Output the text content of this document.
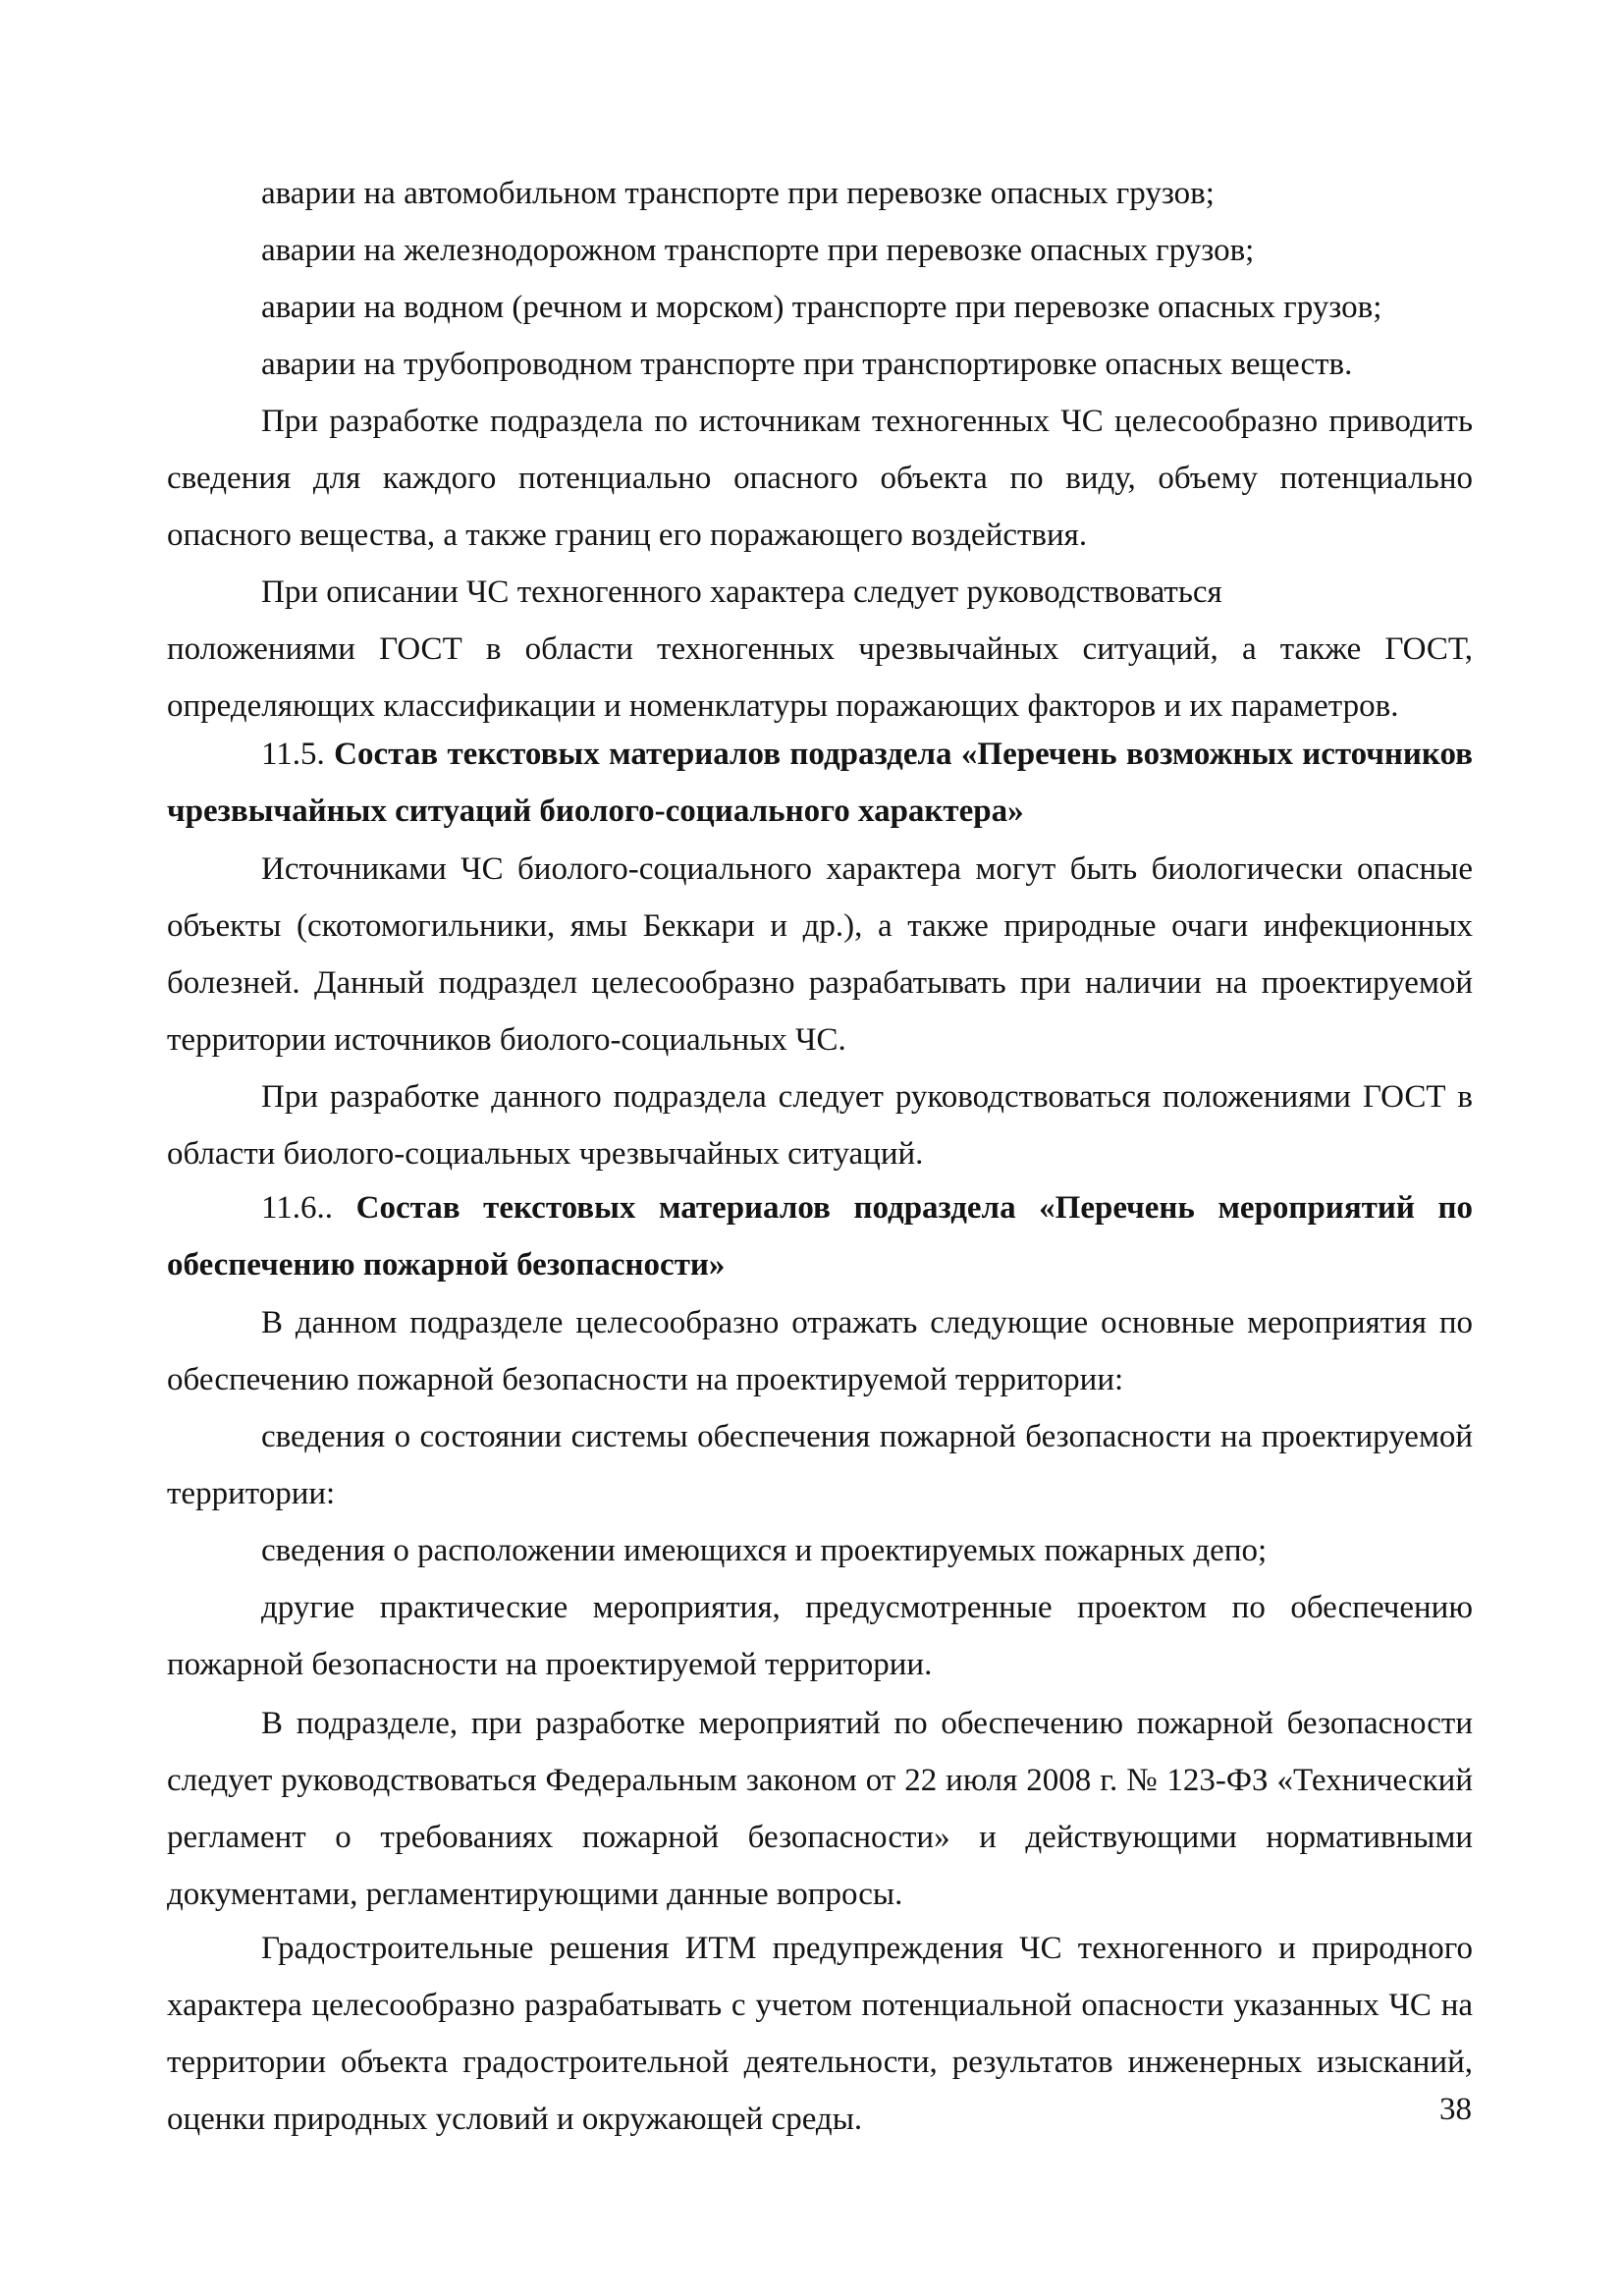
аварии на автомобильном транспорте при перевозке опасных грузов;

аварии на железнодорожном транспорте при перевозке опасных грузов;

аварии на водном (речном и морском) транспорте при перевозке опасных грузов;

аварии на трубопроводном транспорте при транспортировке опасных веществ.

При разработке подраздела по источникам техногенных ЧС целесообразно приводить сведения для каждого потенциально опасного объекта по виду, объему потенциально опасного вещества, а также границ его поражающего воздействия.

При описании ЧС техногенного характера следует руководствоваться

положениями ГОСТ в области техногенных чрезвычайных ситуаций, а также ГОСТ, определяющих классификации и номенклатуры поражающих факторов и их параметров.

11.5. Состав текстовых материалов подраздела «Перечень возможных источников чрезвычайных ситуаций биолого-социального характера»

Источниками ЧС биолого-социального характера могут быть биологически опасные объекты (скотомогильники, ямы Беккари и др.), а также природные очаги инфекционных болезней. Данный подраздел целесообразно разрабатывать при наличии на проектируемой территории источников биолого-социальных ЧС.

При разработке данного подраздела следует руководствоваться положениями ГОСТ в области биолого-социальных чрезвычайных ситуаций.

11.6.. Состав текстовых материалов подраздела «Перечень мероприятий по обеспечению пожарной безопасности»

В данном подразделе целесообразно отражать следующие основные мероприятия по обеспечению пожарной безопасности на проектируемой территории:

сведения о состоянии системы обеспечения пожарной безопасности на проектируемой территории:

сведения о расположении имеющихся и проектируемых пожарных депо;

другие практические мероприятия, предусмотренные проектом по обеспечению пожарной безопасности на проектируемой территории.

В подразделе, при разработке мероприятий по обеспечению пожарной безопасности следует руководствоваться Федеральным законом от 22 июля 2008 г. № 123-ФЗ «Технический регламент о требованиях пожарной безопасности» и действующими нормативными документами, регламентирующими данные вопросы.

Градостроительные решения ИТМ предупреждения ЧС техногенного и природного характера целесообразно разрабатывать с учетом потенциальной опасности указанных ЧС на территории объекта градостроительной деятельности, результатов инженерных изысканий, оценки природных условий и окружающей среды.	38
